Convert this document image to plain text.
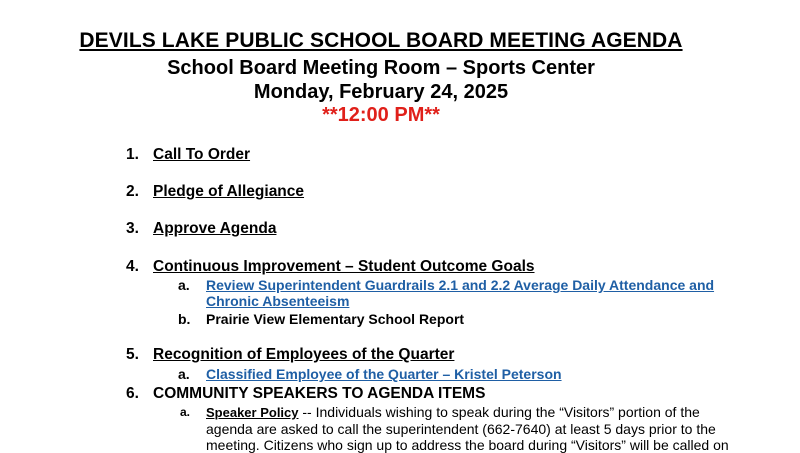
DEVILS LAKE PUBLIC SCHOOL BOARD MEETING AGENDA
School Board Meeting Room – Sports Center
Monday, February 24, 2025
**12:00 PM**
1. Call To Order
2. Pledge of Allegiance
3. Approve Agenda
4. Continuous Improvement – Student Outcome Goals
a. Review Superintendent Guardrails 2.1 and 2.2 Average Daily Attendance and
Chronic Absenteeism
b. Prairie View Elementary School Report
5. Recognition of Employees of the Quarter
a. Classified Employee of the Quarter – Kristel Peterson
6. COMMUNITY SPEAKERS TO AGENDA ITEMS
a. Speaker Policy -- Individuals wishing to speak during the “Visitors” portion of the
agenda are asked to call the superintendent (662-7640) at least 5 days prior to the
meeting. Citizens who sign up to address the board during “Visitors” will be called on
